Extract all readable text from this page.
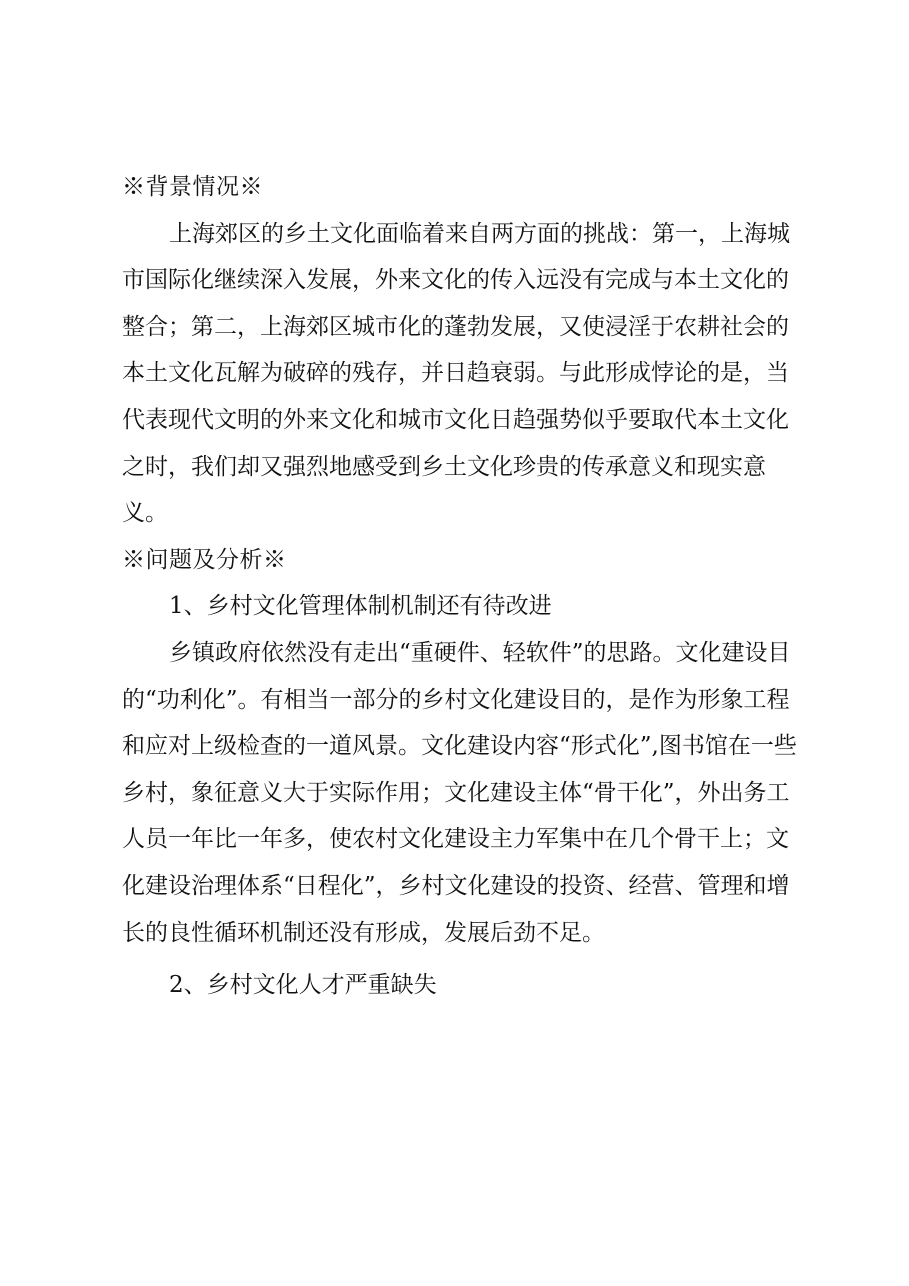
※背景情况※

上海郊区的乡土文化面临着来自两方面的挑战：第一，上海城市国际化继续深入发展，外来文化的传入远没有完成与本土文化的整合；第二，上海郊区城市化的蓬勃发展，又使浸淫于农耕社会的本土文化瓦解为破碎的残存，并日趋衰弱。与此形成悖论的是，当代表现代文明的外来文化和城市文化日趋强势似乎要取代本土文化之时，我们却又强烈地感受到乡土文化珍贵的传承意义和现实意义。

※问题及分析※

1、乡村文化管理体制机制还有待改进

乡镇政府依然没有走出“重硬件、轻软件”的思路。文化建设目的“功利化”。有相当一部分的乡村文化建设目的，是作为形象工程和应对上级检查的一道风景。文化建设内容“形式化”,图书馆在一些乡村，象征意义大于实际作用；文化建设主体“骨干化”，外出务工人员一年比一年多，使农村文化建设主力军集中在几个骨干上；文化建设治理体系“日程化”，乡村文化建设的投资、经营、管理和增长的良性循环机制还没有形成，发展后劲不足。

2、乡村文化人才严重缺失
